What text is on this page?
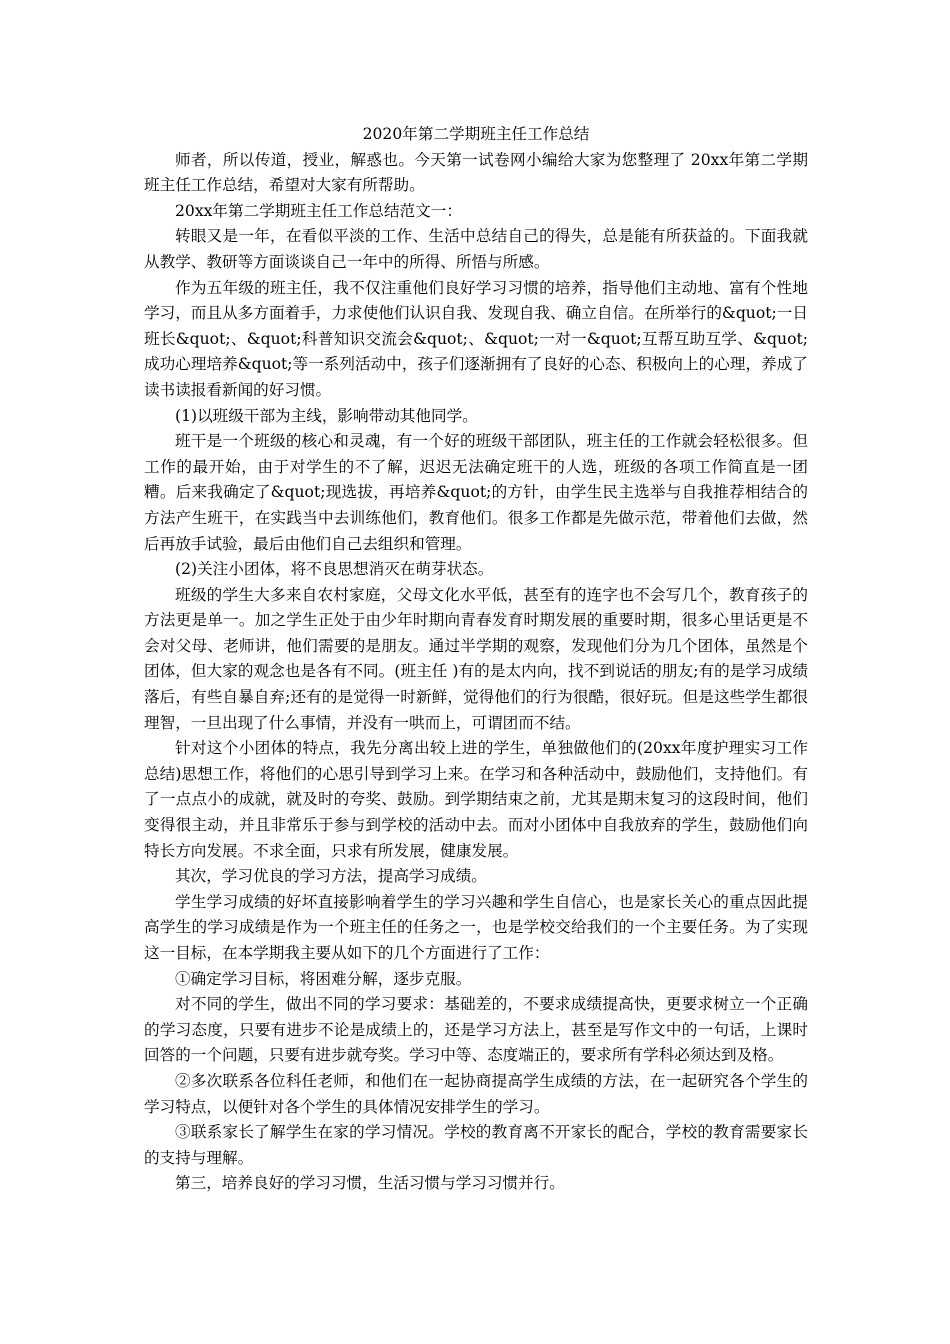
2020年第二学期班主任工作总结

师者，所以传道，授业，解惑也。今天第一试卷网小编给大家为您整理了 20xx年第二学期班主任工作总结，希望对大家有所帮助。

20xx年第二学期班主任工作总结范文一：

转眼又是一年，在看似平淡的工作、生活中总结自己的得失，总是能有所获益的。下面我就从教学、教研等方面谈谈自己一年中的所得、所悟与所感。

作为五年级的班主任，我不仅注重他们良好学习习惯的培养，指导他们主动地、富有个性地学习，而且从多方面着手，力求使他们认识自我、发现自我、确立自信。在所举行的&quot;一日班长&quot;、&quot;科普知识交流会&quot;、&quot;一对一&quot;互帮互助互学、&quot;成功心理培养&quot;等一系列活动中，孩子们逐渐拥有了良好的心态、积极向上的心理，养成了读书读报看新闻的好习惯。

(1)以班级干部为主线，影响带动其他同学。

班干是一个班级的核心和灵魂，有一个好的班级干部团队，班主任的工作就会轻松很多。但工作的最开始，由于对学生的不了解，迟迟无法确定班干的人选，班级的各项工作简直是一团糟。后来我确定了&quot;现选拔，再培养&quot;的方针，由学生民主选举与自我推荐相结合的方法产生班干，在实践当中去训练他们，教育他们。很多工作都是先做示范，带着他们去做，然后再放手试验，最后由他们自己去组织和管理。

(2)关注小团体，将不良思想消灭在萌芽状态。

班级的学生大多来自农村家庭，父母文化水平低，甚至有的连字也不会写几个，教育孩子的方法更是单一。加之学生正处于由少年时期向青春发育时期发展的重要时期，很多心里话更是不会对父母、老师讲，他们需要的是朋友。通过半学期的观察，发现他们分为几个团体，虽然是个团体，但大家的观念也是各有不同。(班主任 )有的是太内向，找不到说话的朋友;有的是学习成绩落后，有些自暴自弃;还有的是觉得一时新鲜，觉得他们的行为很酷，很好玩。但是这些学生都很理智，一旦出现了什么事情，并没有一哄而上，可谓团而不结。

针对这个小团体的特点，我先分离出较上进的学生，单独做他们的(20xx年度护理实习工作总结)思想工作，将他们的心思引导到学习上来。在学习和各种活动中，鼓励他们，支持他们。有了一点点小的成就，就及时的夸奖、鼓励。到学期结束之前，尤其是期末复习的这段时间，他们变得很主动，并且非常乐于参与到学校的活动中去。而对小团体中自我放弃的学生，鼓励他们向特长方向发展。不求全面，只求有所发展，健康发展。

其次，学习优良的学习方法，提高学习成绩。

学生学习成绩的好坏直接影响着学生的学习兴趣和学生自信心，也是家长关心的重点因此提高学生的学习成绩是作为一个班主任的任务之一，也是学校交给我们的一个主要任务。为了实现这一目标，在本学期我主要从如下的几个方面进行了工作：

①确定学习目标，将困难分解，逐步克服。

对不同的学生，做出不同的学习要求：基础差的，不要求成绩提高快，更要求树立一个正确的学习态度，只要有进步不论是成绩上的，还是学习方法上，甚至是写作文中的一句话，上课时回答的一个问题，只要有进步就夸奖。学习中等、态度端正的，要求所有学科必须达到及格。

②多次联系各位科任老师，和他们在一起协商提高学生成绩的方法，在一起研究各个学生的学习特点，以便针对各个学生的具体情况安排学生的学习。

③联系家长了解学生在家的学习情况。学校的教育离不开家长的配合，学校的教育需要家长的支持与理解。

第三，培养良好的学习习惯，生活习惯与学习习惯并行。
